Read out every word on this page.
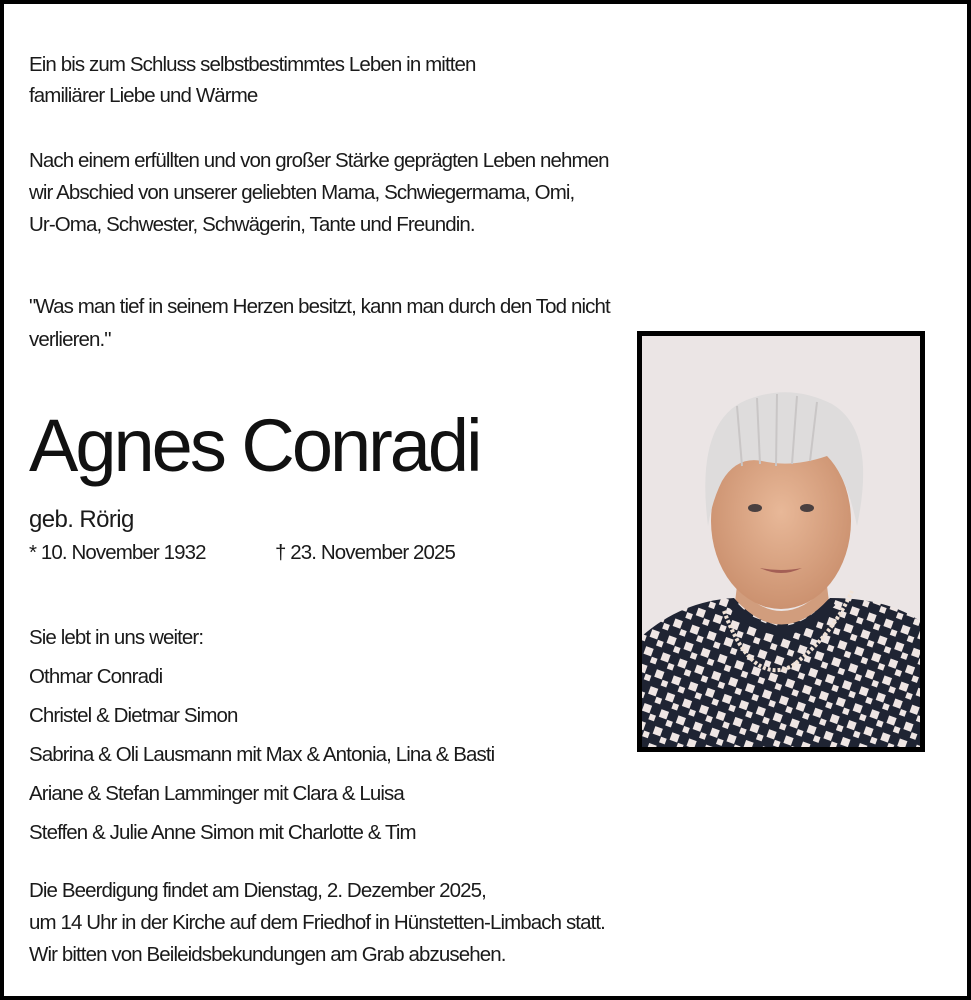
Ein bis zum Schluss selbstbestimmtes Leben in mitten

familiärer Liebe und Wärme

Nach einem erfüllten und von großer Stärke geprägten Leben nehmen

wir Abschied von unserer geliebten Mama, Schwiegermama, Omi,

Ur-Oma, Schwester, Schwägerin, Tante und Freundin.

"Was man tief in seinem Herzen besitzt, kann man durch den Tod nicht

verlieren."

Agnes Conradi

geb. Rörig

* 10. November 1932	† 23. November 2025

Sie lebt in uns weiter:

Othmar Conradi

Christel & Dietmar Simon

Sabrina & Oli Lausmann mit Max & Antonia, Lina & Basti

Ariane & Stefan Lamminger mit Clara & Luisa

Steffen & Julie Anne Simon mit Charlotte & Tim

Die Beerdigung findet am Dienstag, 2. Dezember 2025,

um 14 Uhr in der Kirche auf dem Friedhof in Hünstetten-Limbach statt.

Wir bitten von Beileidsbekundungen am Grab abzusehen.
